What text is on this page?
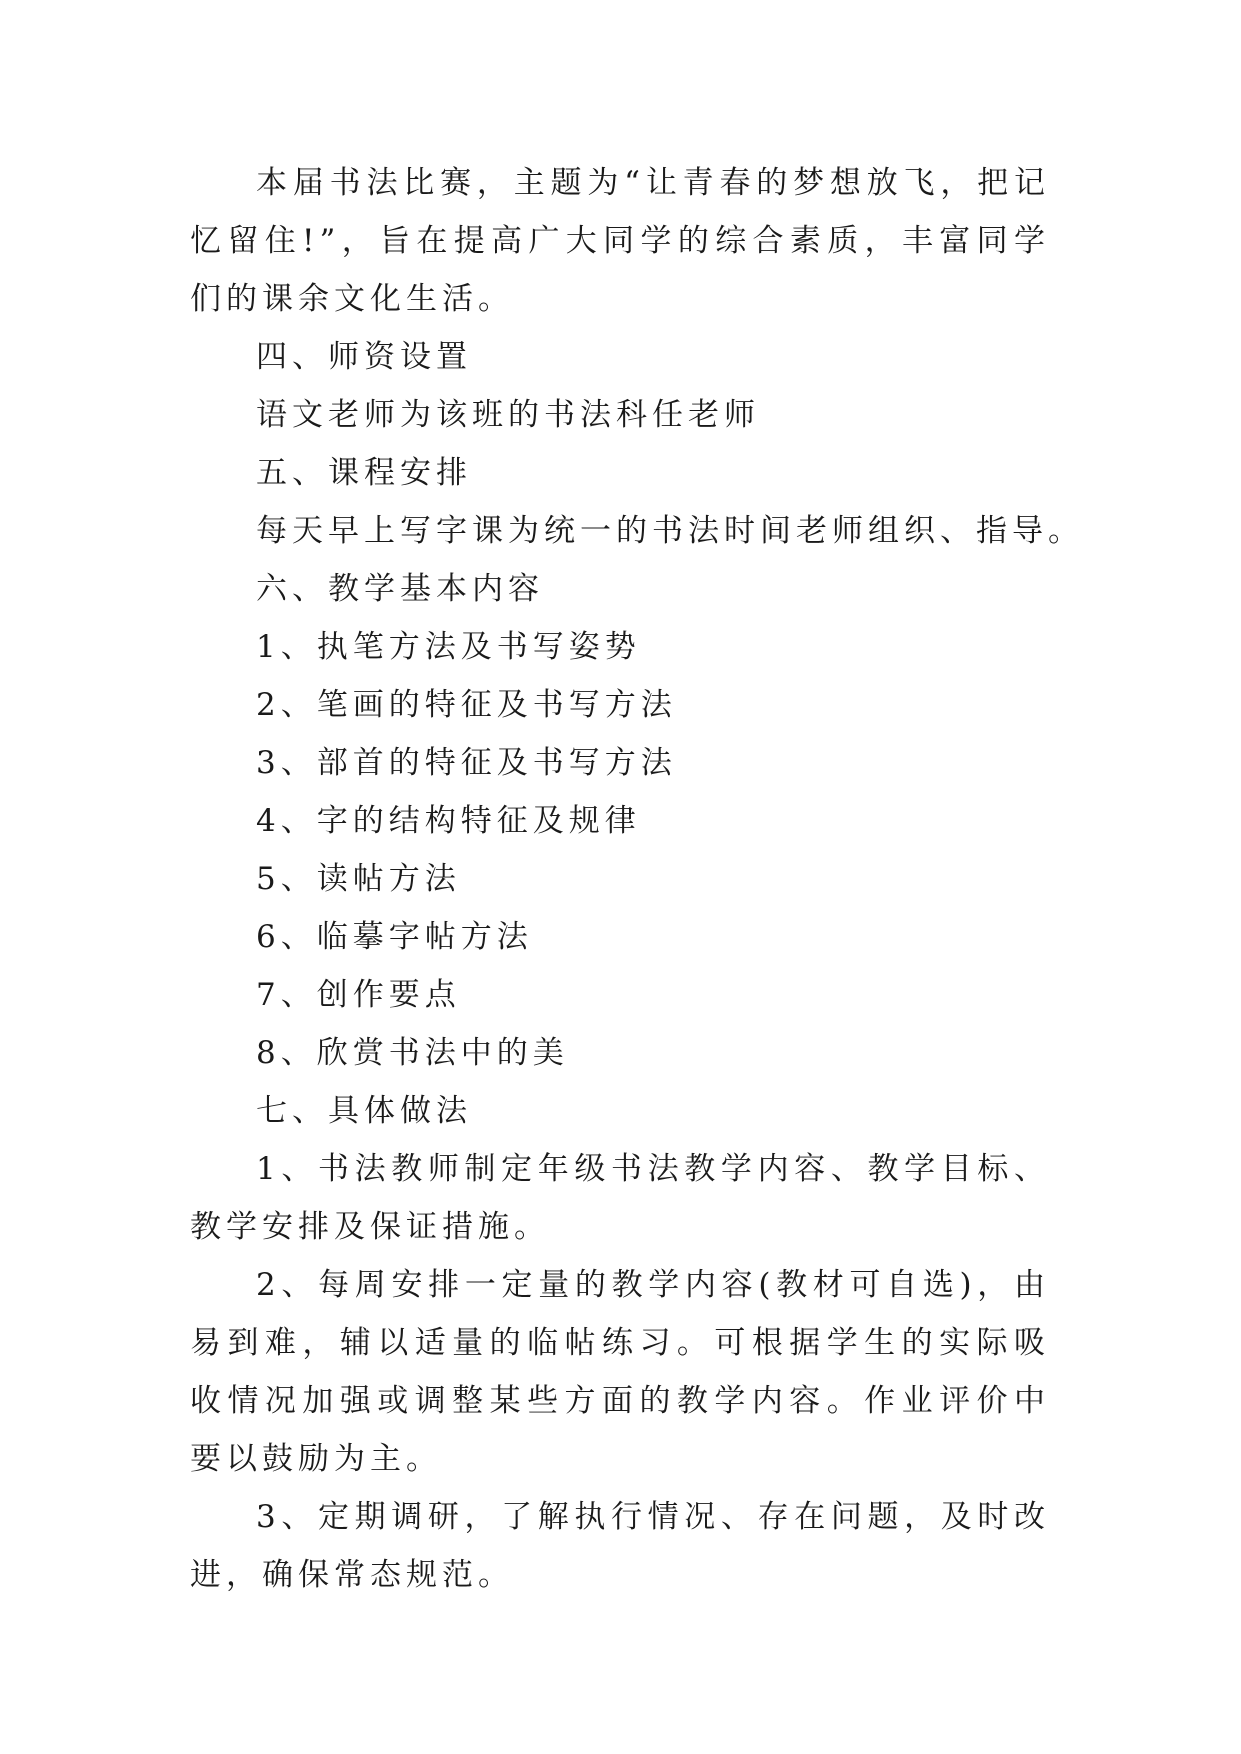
本届书法比赛，主题为“让青春的梦想放飞，把记忆留住!”，旨在提高广大同学的综合素质，丰富同学们的课余文化生活。

四、师资设置

语文老师为该班的书法科任老师

五、课程安排

每天早上写字课为统一的书法时间老师组织、指导。

六、教学基本内容

1、执笔方法及书写姿势

2、笔画的特征及书写方法

3、部首的特征及书写方法

4、字的结构特征及规律

5、读帖方法

6、临摹字帖方法

7、创作要点

8、欣赏书法中的美

七、具体做法

1、书法教师制定年级书法教学内容、教学目标、教学安排及保证措施。

2、每周安排一定量的教学内容(教材可自选)，由易到难，辅以适量的临帖练习。可根据学生的实际吸收情况加强或调整某些方面的教学内容。作业评价中要以鼓励为主。

3、定期调研，了解执行情况、存在问题，及时改进，确保常态规范。
